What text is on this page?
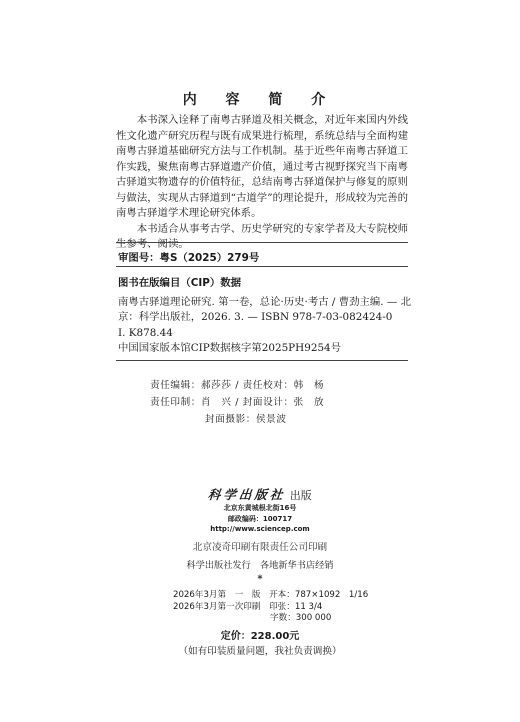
内 容 简 介

本书深入诠释了南粤古驿道及相关概念，对近年来国内外线性文化遗产研究历程与既有成果进行梳理，系统总结与全面构建南粤古驿道基础研究方法与工作机制。基于近些年南粤古驿道工作实践，聚焦南粤古驿道遗产价值，通过考古视野探究当下南粤古驿道实物遗存的价值特征，总结南粤古驿道保护与修复的原则与做法，实现从古驿道到“古道学”的理论提升，形成较为完善的南粤古驿道学术理论研究体系。

本书适合从事考古学、历史学研究的专家学者及大专院校师生参考、阅读。

审图号：粤S（2025）279号
图书在版编目（CIP）数据
南粤古驿道理论研究. 第一卷，总论·历史·考古 / 曹劲主编. — 北
京：科学出版社，2026. 3. — ISBN 978-7-03-082424-0
Ⅰ. K878.44
中国国家版本馆CIP数据核字第2025PH9254号
责任编辑：郝莎莎 / 责任校对：韩　杨
责任印制：肖　兴 / 封面设计：张　放
封面摄影：侯景波
科学出版社 出版
北京东黄城根北街16号
邮政编码：100717
http://www.sciencep.com
北京凌奇印刷有限责任公司印刷
科学出版社发行　各地新华书店经销
*
2026年3月第　一　版　开本：787×1092　1/16
2026年3月第一次印刷　印张：11 3/4
字数：300 000
定价：228.00元
（如有印装质量问题，我社负责调换）
